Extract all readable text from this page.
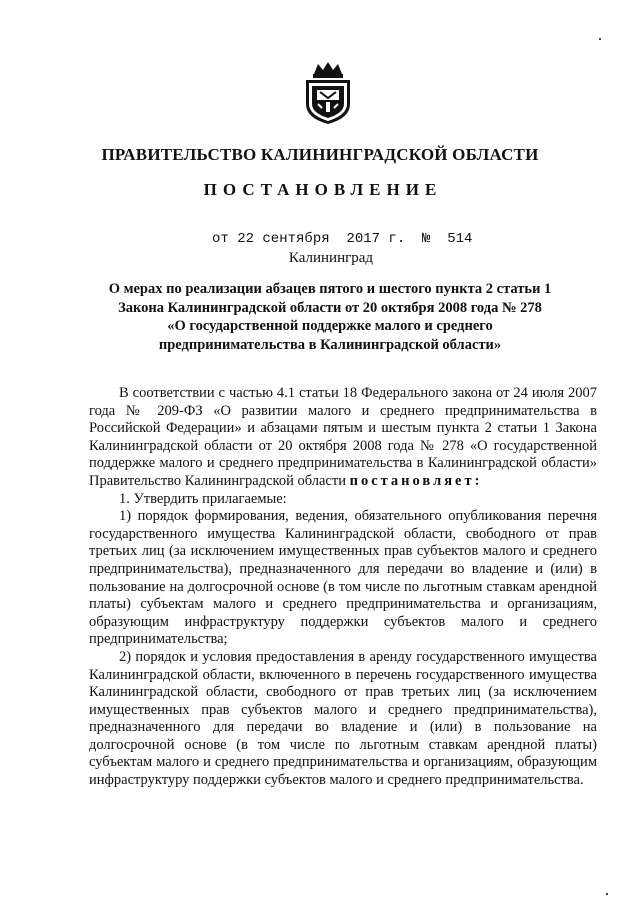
ПРАВИТЕЛЬСТВО КАЛИНИНГРАДСКОЙ ОБЛАСТИ
ПОСТАНОВЛЕНИЕ
от 22 сентября  2017 г.  №  514
Калининград
О мерах по реализации абзацев пятого и шестого пункта 2 статьи 1
Закона Калининградской области от 20 октября 2008 года № 278
«О государственной поддержке малого и среднего
предпринимательства в Калининградской области»

В соответствии с частью 4.1 статьи 18 Федерального закона от 24 июля 2007 года № 209-ФЗ «О развитии малого и среднего предпринимательства в Российской Федерации» и абзацами пятым и шестым пункта 2 статьи 1 Закона Калининградской области от 20 октября 2008 года № 278 «О государственной поддержке малого и среднего предпринимательства в Калининградской области» Правительство Калининградской области постановляет:

1. Утвердить прилагаемые:

1) порядок формирования, ведения, обязательного опубликования перечня государственного имущества Калининградской области, свободного от прав третьих лиц (за исключением имущественных прав субъектов малого и среднего предпринимательства), предназначенного для передачи во владение и (или) в пользование на долгосрочной основе (в том числе по льготным ставкам арендной платы) субъектам малого и среднего предпринимательства и организациям, образующим инфраструктуру поддержки субъектов малого и среднего предпринимательства;

2) порядок и условия предоставления в аренду государственного имущества Калининградской области, включенного в перечень государственного имущества Калининградской области, свободного от прав третьих лиц (за исключением имущественных прав субъектов малого и среднего предпринимательства), предназначенного для передачи во владение и (или) в пользование на долгосрочной основе (в том числе по льготным ставкам арендной платы) субъектам малого и среднего предпринимательства и организациям, образующим инфраструктуру поддержки субъектов малого и среднего предпринимательства.
